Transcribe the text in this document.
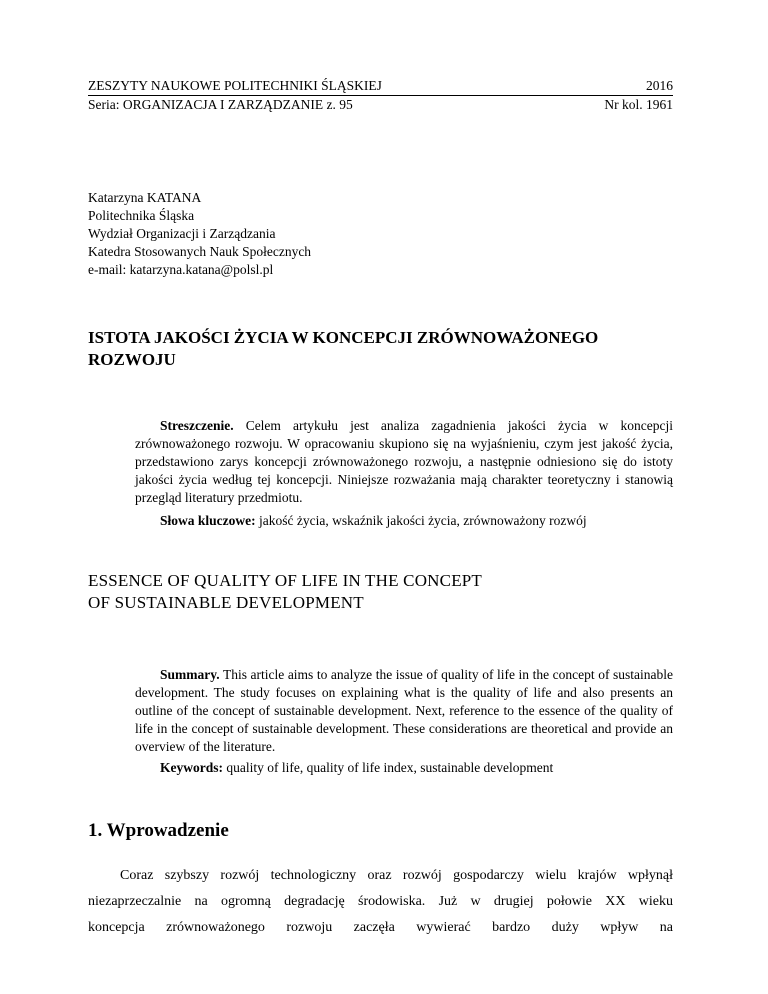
ZESZYTY NAUKOWE POLITECHNIKI ŚLĄSKIEJ	2016
Seria: ORGANIZACJA I ZARZĄDZANIE z. 95	Nr kol. 1961
Katarzyna KATANA
Politechnika Śląska
Wydział Organizacji i Zarządzania
Katedra Stosowanych Nauk Społecznych
e-mail: katarzyna.katana@polsl.pl
ISTOTA JAKOŚCI ŻYCIA W KONCEPCJI ZRÓWNOWAŻONEGO
ROZWOJU
Streszczenie. Celem artykułu jest analiza zagadnienia jakości życia w koncepcji zrównoważonego rozwoju. W opracowaniu skupiono się na wyjaśnieniu, czym jest jakość życia, przedstawiono zarys koncepcji zrównoważonego rozwoju, a następnie odniesiono się do istoty jakości życia według tej koncepcji. Niniejsze rozważania mają charakter teoretyczny i stanowią przegląd literatury przedmiotu.
Słowa kluczowe: jakość życia, wskaźnik jakości życia, zrównoważony rozwój
ESSENCE OF QUALITY OF LIFE IN THE CONCEPT
OF SUSTAINABLE DEVELOPMENT
Summary. This article aims to analyze the issue of quality of life in the concept of sustainable development. The study focuses on explaining what is the quality of life and also presents an outline of the concept of sustainable development. Next, reference to the essence of the quality of life in the concept of sustainable development. These considerations are theoretical and provide an overview of the literature.
Keywords: quality of life, quality of life index, sustainable development
1. Wprowadzenie
Coraz szybszy rozwój technologiczny oraz rozwój gospodarczy wielu krajów wpłynął
niezaprzeczalnie na ogromną degradację środowiska. Już w drugiej połowie XX wieku
koncepcja zrównoważonego rozwoju zaczęła wywierać bardzo duży wpływ na
